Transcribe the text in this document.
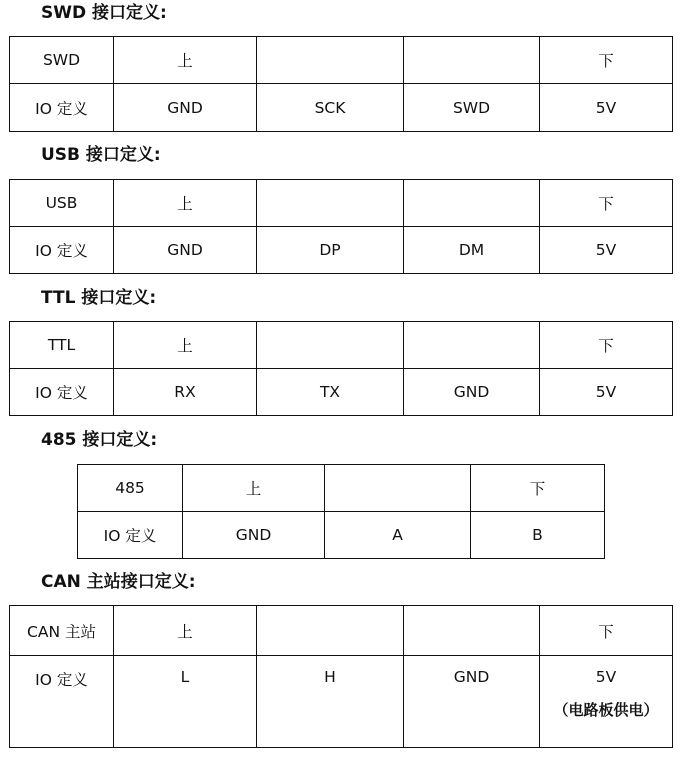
SWD 接口定义:
SWD	上			下
IO 定义	GND	SCK	SWD	5V
USB 接口定义:
USB	上			下
IO 定义	GND	DP	DM	5V
TTL 接口定义:
TTL	上			下
IO 定义	RX	TX	GND	5V
485 接口定义:
485	上		下
IO 定义	GND	A	B
CAN 主站接口定义:
CAN 主站	上			下
IO 定义	L	H	GND	5V
（电路板供电）
